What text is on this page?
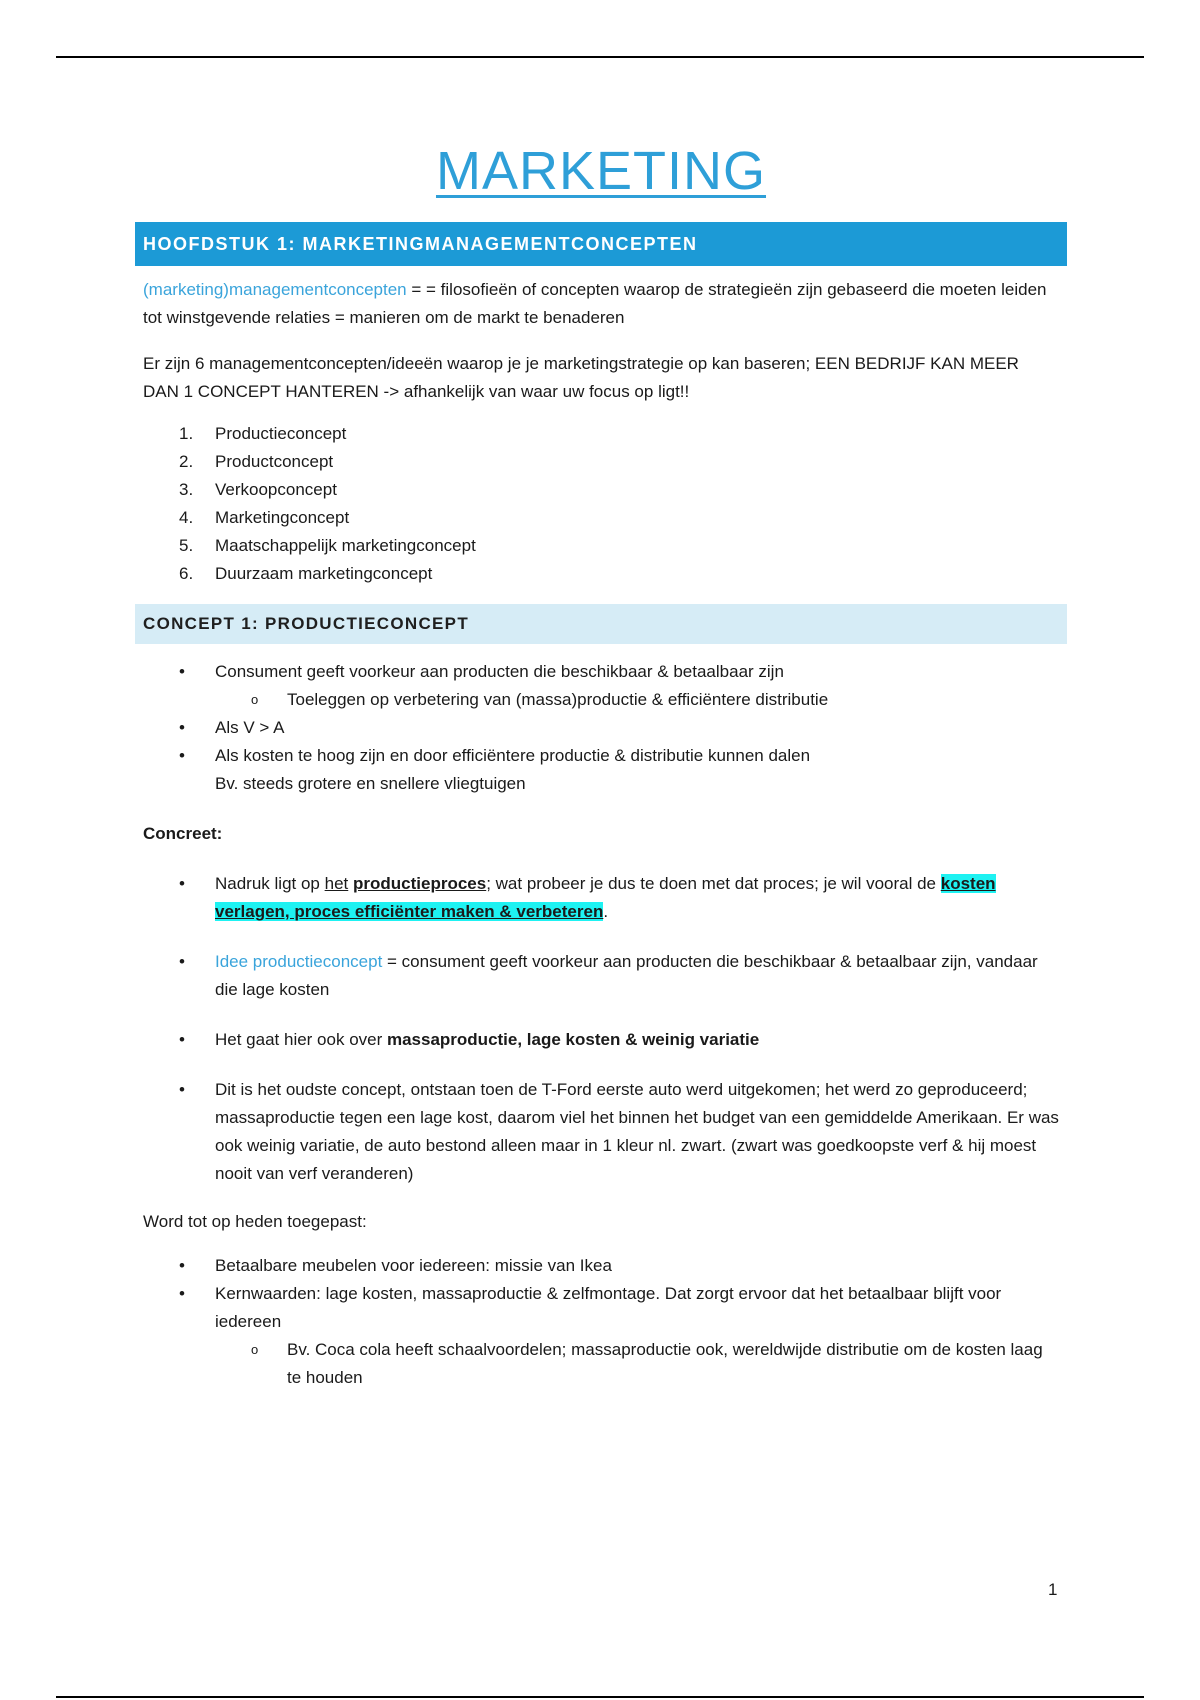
MARKETING
HOOFDSTUK 1: MARKETINGMANAGEMENTCONCEPTEN

(marketing)managementconcepten = = filosofieën of concepten waarop de strategieën zijn gebaseerd die moeten leiden tot winstgevende relaties = manieren om de markt te benaderen

Er zijn 6 managementconcepten/ideeën waarop je je marketingstrategie op kan baseren; EEN BEDRIJF KAN MEER DAN 1 CONCEPT HANTEREN -> afhankelijk van waar uw focus op ligt!!

1. Productieconcept
2. Productconcept
3. Verkoopconcept
4. Marketingconcept
5. Maatschappelijk marketingconcept
6. Duurzaam marketingconcept
CONCEPT 1: PRODUCTIECONCEPT
• Consument geeft voorkeur aan producten die beschikbaar & betaalbaar zijn
o Toeleggen op verbetering van (massa)productie & efficiëntere distributie
• Als V > A
• Als kosten te hoog zijn en door efficiëntere productie & distributie kunnen dalen
Bv. steeds grotere en snellere vliegtuigen
Concreet:
• Nadruk ligt op het productieproces; wat probeer je dus te doen met dat proces; je wil vooral de kosten verlagen, proces efficiënter maken & verbeteren.
• Idee productieconcept = consument geeft voorkeur aan producten die beschikbaar & betaalbaar zijn, vandaar die lage kosten
• Het gaat hier ook over massaproductie, lage kosten & weinig variatie
• Dit is het oudste concept, ontstaan toen de T-Ford eerste auto werd uitgekomen; het werd zo geproduceerd; massaproductie tegen een lage kost, daarom viel het binnen het budget van een gemiddelde Amerikaan. Er was ook weinig variatie, de auto bestond alleen maar in 1 kleur nl. zwart. (zwart was goedkoopste verf & hij moest nooit van verf veranderen)

Word tot op heden toegepast:

• Betaalbare meubelen voor iedereen: missie van Ikea
• Kernwaarden: lage kosten, massaproductie & zelfmontage. Dat zorgt ervoor dat het betaalbaar blijft voor iedereen
o Bv. Coca cola heeft schaalvoordelen; massaproductie ook, wereldwijde distributie om de kosten laag te houden
1
